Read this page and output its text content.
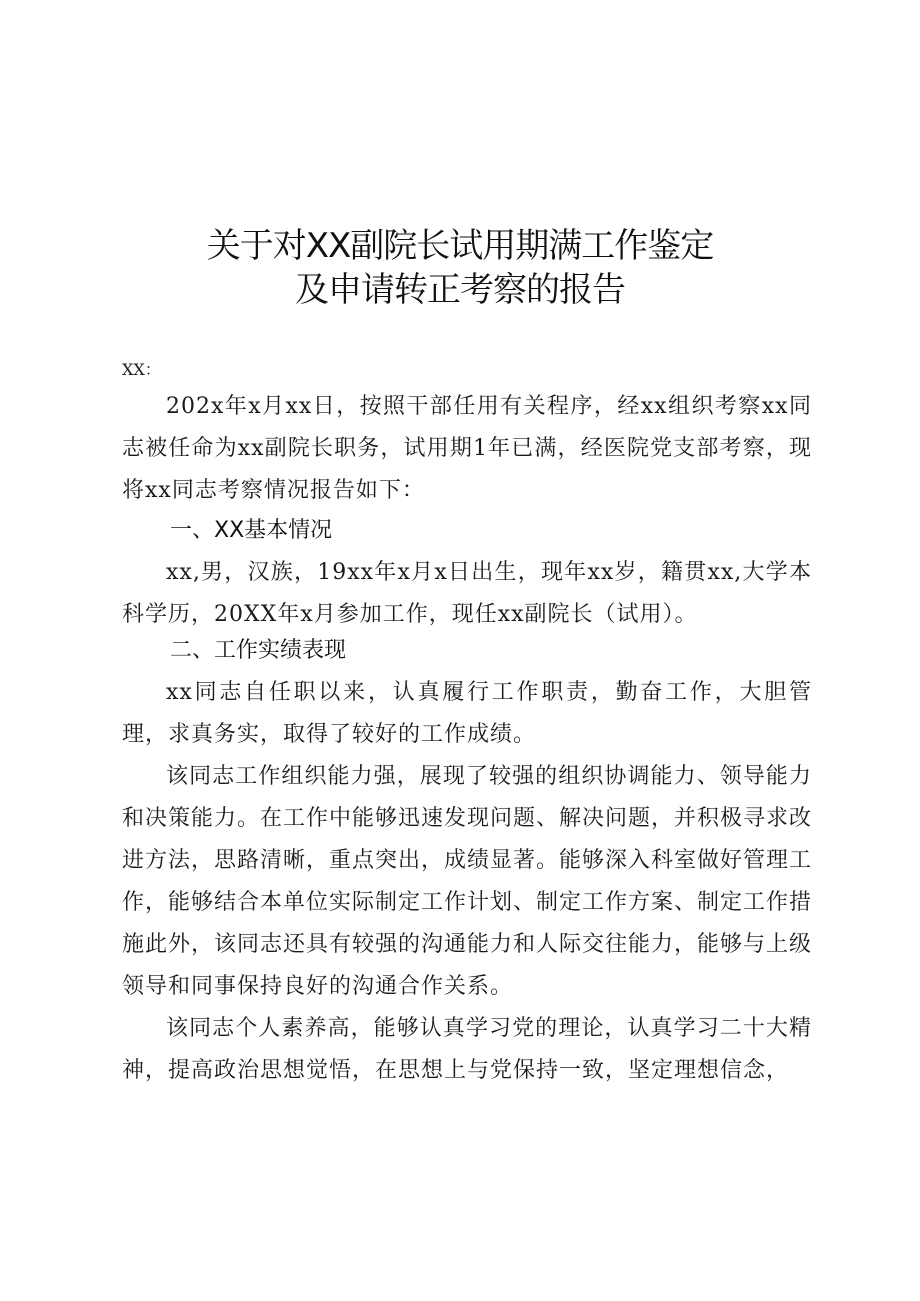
关于对XX副院长试用期满工作鉴定
及申请转正考察的报告
XX：

202x年x月xx日，按照干部任用有关程序，经xx组织考察xx同志被任命为xx副院长职务，试用期1年已满，经医院党支部考察，现将xx同志考察情况报告如下：

一、XX基本情况

xx,男，汉族，19xx年x月x日出生，现年xx岁，籍贯xx,大学本科学历，20XX年x月参加工作，现任xx副院长（试用）。

二、工作实绩表现

xx同志自任职以来，认真履行工作职责，勤奋工作，大胆管理，求真务实，取得了较好的工作成绩。

该同志工作组织能力强，展现了较强的组织协调能力、领导能力和决策能力。在工作中能够迅速发现问题、解决问题，并积极寻求改进方法，思路清晰，重点突出，成绩显著。能够深入科室做好管理工作，能够结合本单位实际制定工作计划、制定工作方案、制定工作措施此外，该同志还具有较强的沟通能力和人际交往能力，能够与上级领导和同事保持良好的沟通合作关系。

该同志个人素养高，能够认真学习党的理论，认真学习二十大精神，提高政治思想觉悟，在思想上与党保持一致，坚定理想信念，
